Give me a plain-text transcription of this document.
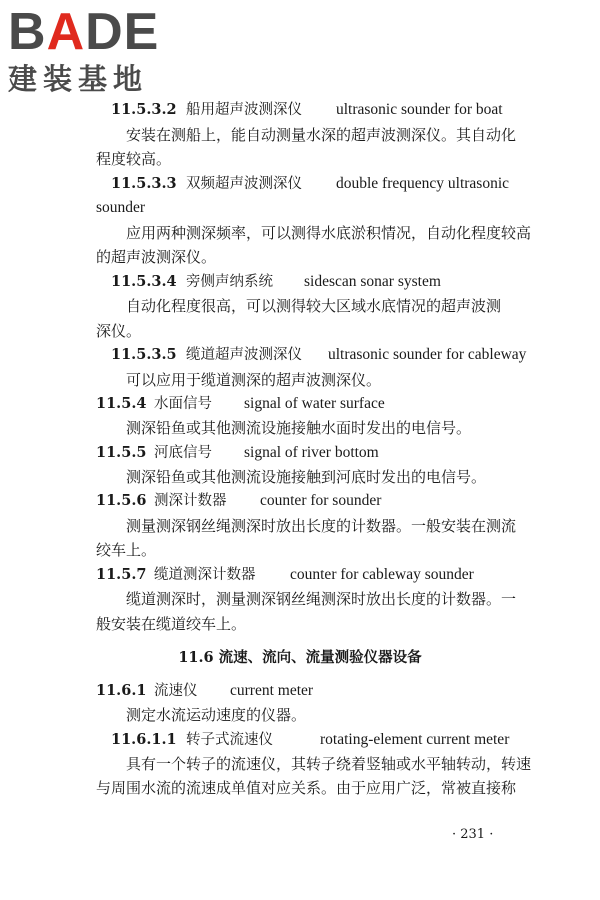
BADE
建装基地
11.5.3.2 船用超声波测深仪 ultrasonic sounder for boat
安装在测船上，能自动测量水深的超声波测深仪。其自动化
程度较高。
11.5.3.3 双频超声波测深仪 double frequency ultrasonic
sounder
应用两种测深频率，可以测得水底淤积情况，自动化程度较高
的超声波测深仪。
11.5.3.4 旁侧声纳系统 sidescan sonar system
自动化程度很高，可以测得较大区域水底情况的超声波测
深仪。
11.5.3.5 缆道超声波测深仪 ultrasonic sounder for cableway
可以应用于缆道测深的超声波测深仪。
11.5.4 水面信号 signal of water surface
测深铅鱼或其他测流设施接触水面时发出的电信号。
11.5.5 河底信号 signal of river bottom
测深铅鱼或其他测流设施接触到河底时发出的电信号。
11.5.6 测深计数器 counter for sounder
测量测深钢丝绳测深时放出长度的计数器。一般安装在测流
绞车上。
11.5.7 缆道测深计数器 counter for cableway sounder
缆道测深时，测量测深钢丝绳测深时放出长度的计数器。一
般安装在缆道绞车上。
11.6 流速、流向、流量测验仪器设备
11.6.1 流速仪 current meter
测定水流运动速度的仪器。
11.6.1.1 转子式流速仪	rotating-element current meter
具有一个转子的流速仪，其转子绕着竖轴或水平轴转动，转速
与周围水流的流速成单值对应关系。由于应用广泛，常被直接称
· 231 ·
